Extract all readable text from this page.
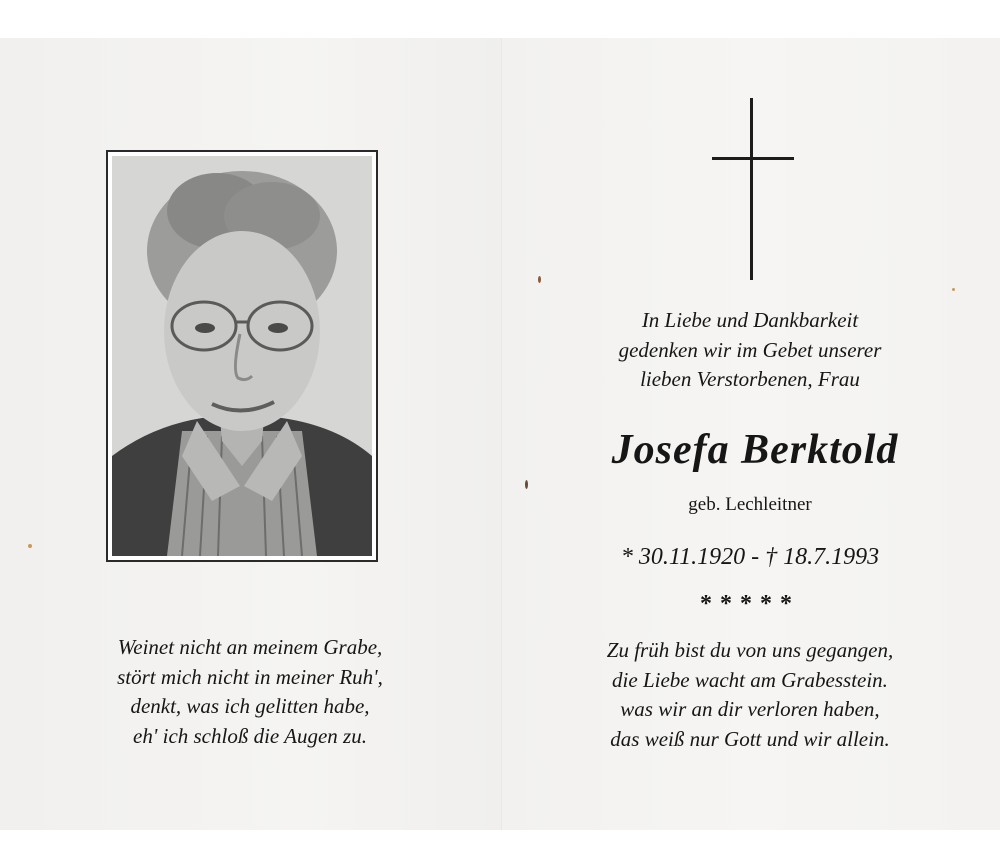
Weinet nicht an meinem Grabe,
stört mich nicht in meiner Ruh',
denkt, was ich gelitten habe,
eh' ich schloß die Augen zu.
In Liebe und Dankbarkeit
gedenken wir im Gebet unserer
lieben Verstorbenen, Frau
Josefa Berktold
geb. Lechleitner
* 30.11.1920 - † 18.7.1993
*****
Zu früh bist du von uns gegangen,
die Liebe wacht am Grabesstein.
was wir an dir verloren haben,
das weiß nur Gott und wir allein.
